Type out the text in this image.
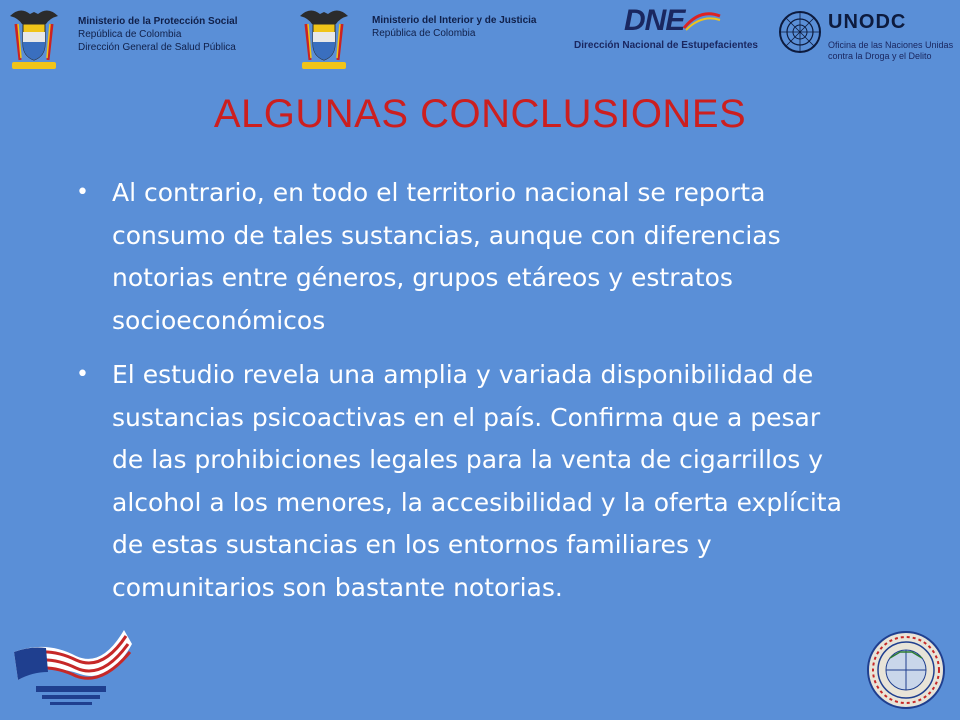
Ministerio de la Protección Social
República de Colombia
Dirección General de Salud Pública
Ministerio del Interior y de Justicia
República de Colombia	DNE
Dirección Nacional de Estupefacientes
UNODC
Oficina de las Naciones Unidas
contra la Droga y el Delito
ALGUNAS CONCLUSIONES
• Al contrario, en todo el territorio nacional se reporta consumo de tales sustancias, aunque con diferencias notorias entre géneros, grupos etáreos y estratos socioeconómicos
• El estudio revela una amplia y variada disponibilidad de sustancias psicoactivas en el país. Confirma que a pesar de las prohibiciones legales para la venta de cigarrillos y alcohol a los menores, la accesibilidad y la oferta explícita de estas sustancias en los entornos familiares y comunitarios son bastante notorias.
